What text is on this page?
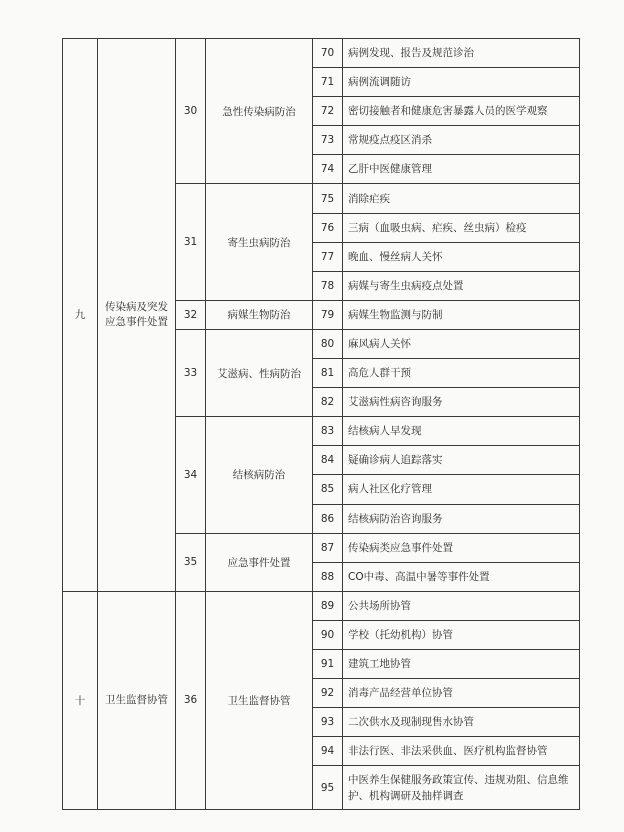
九	传染病及突发应急事件处置	30	急性传染病防治	70	病例发现、报告及规范诊治
				71	病例流调随访
				72	密切接触者和健康危害暴露人员的医学观察
				73	常规疫点疫区消杀
				74	乙肝中医健康管理
		31	寄生虫病防治	75	消除疟疾
				76	三病（血吸虫病、疟疾、丝虫病）检疫
				77	晚血、慢丝病人关怀
				78	病媒与寄生虫病疫点处置
		32	病媒生物防治	79	病媒生物监测与防制
		33	艾滋病、性病防治	80	麻风病人关怀
				81	高危人群干预
				82	艾滋病性病咨询服务
		34	结核病防治	83	结核病人早发现
				84	疑确诊病人追踪落实
				85	病人社区化疗管理
				86	结核病防治咨询服务
		35	应急事件处置	87	传染病类应急事件处置
				88	CO中毒、高温中暑等事件处置
十	卫生监督协管	36	卫生监督协管	89	公共场所协管
				90	学校（托幼机构）协管
				91	建筑工地协管
				92	消毒产品经营单位协管
				93	二次供水及现制现售水协管
				94	非法行医、非法采供血、医疗机构监督协管
				95	中医养生保健服务政策宣传、违规劝阻、信息维护、机构调研及抽样调查
